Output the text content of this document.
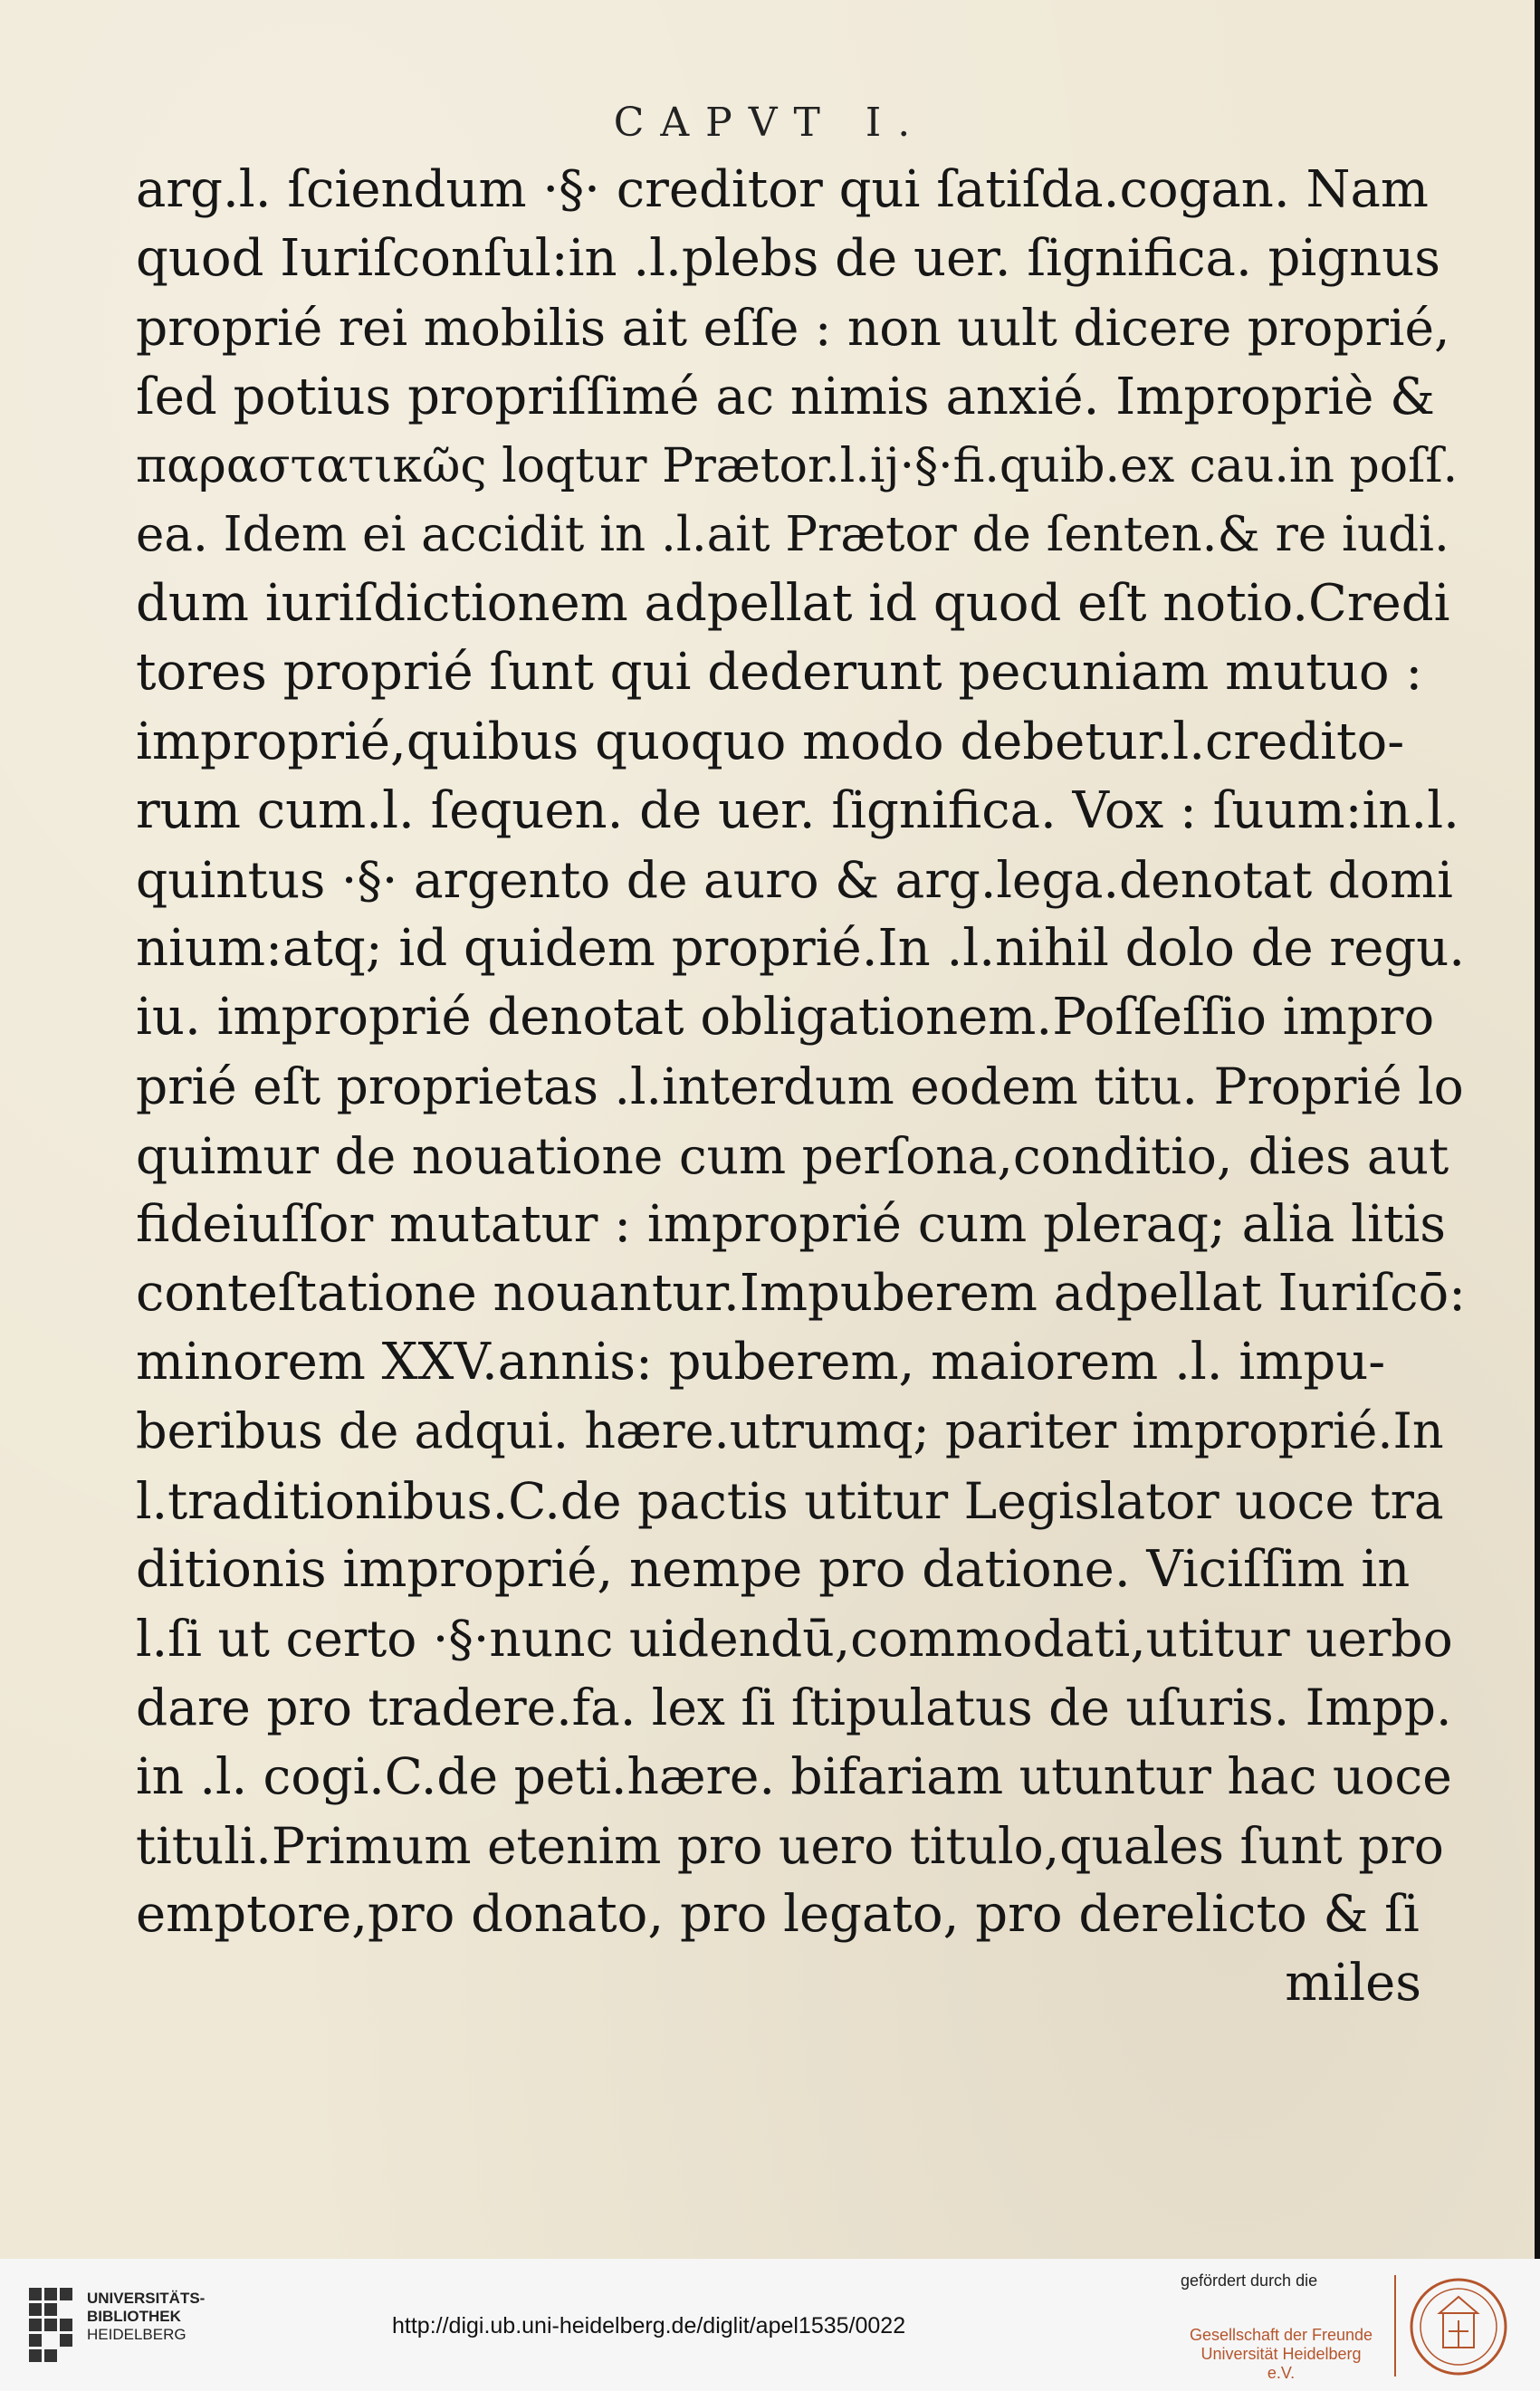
CAPVT I.
arg.l. ſciendum ·§· creditor qui ſatiſda.cogan. Nam
quod Iuriſconſul:in .l.plebs de uer. ſignifica. pignus
proprié rei mobilis ait eſſe : non uult dicere proprié,
ſed potius propriſſimé ac nimis anxié. Impropriè &
παραστατικῶς loqtur Prætor.l.ij·§·fi.quib.ex cau.in poſſ.
ea. Idem ei accidit in .l.ait Prætor de ſenten.& re iudi.
dum iuriſdictionem adpellat id quod eſt notio.Credi
tores proprié ſunt qui dederunt pecuniam mutuo :
improprié,quibus quoquo modo debetur.l.credito-
rum cum.l. ſequen. de uer. ſignifica. Vox : ſuum:in.l.
quintus ·§· argento de auro & arg.lega.denotat domi
nium:atq; id quidem proprié.In .l.nihil dolo de regu.
iu. improprié denotat obligationem.Poſſeſſio impro
prié eſt proprietas .l.interdum eodem titu. Proprié lo
quimur de nouatione cum perſona,conditio, dies aut
fideiuſſor mutatur : improprié cum pleraq; alia litis
conteſtatione nouantur.Impuberem adpellat Iuriſcō:
minorem XXV.annis: puberem, maiorem .l. impu-
beribus de adqui. hære.utrumq; pariter improprié.In
l.traditionibus.C.de pactis utitur Legislator uoce tra
ditionis improprié, nempe pro datione. Viciſſim in
l.ſi ut certo ·§·nunc uidendū,commodati,utitur uerbo
dare pro tradere.fa. lex ſi ſtipulatus de uſuris. Impp.
in .l. cogi.C.de peti.hære. bifariam utuntur hac uoce
tituli.Primum etenim pro uero titulo,quales ſunt pro
emptore,pro donato, pro legato, pro derelicto & ſi
miles
UNIVERSITÄTS-
BIBLIOTHEK
HEIDELBERG	http://digi.ub.uni-heidelberg.de/diglit/apel1535/0022
gefördert durch die
Gesellschaft der Freunde
Universität Heidelberg e.V.
